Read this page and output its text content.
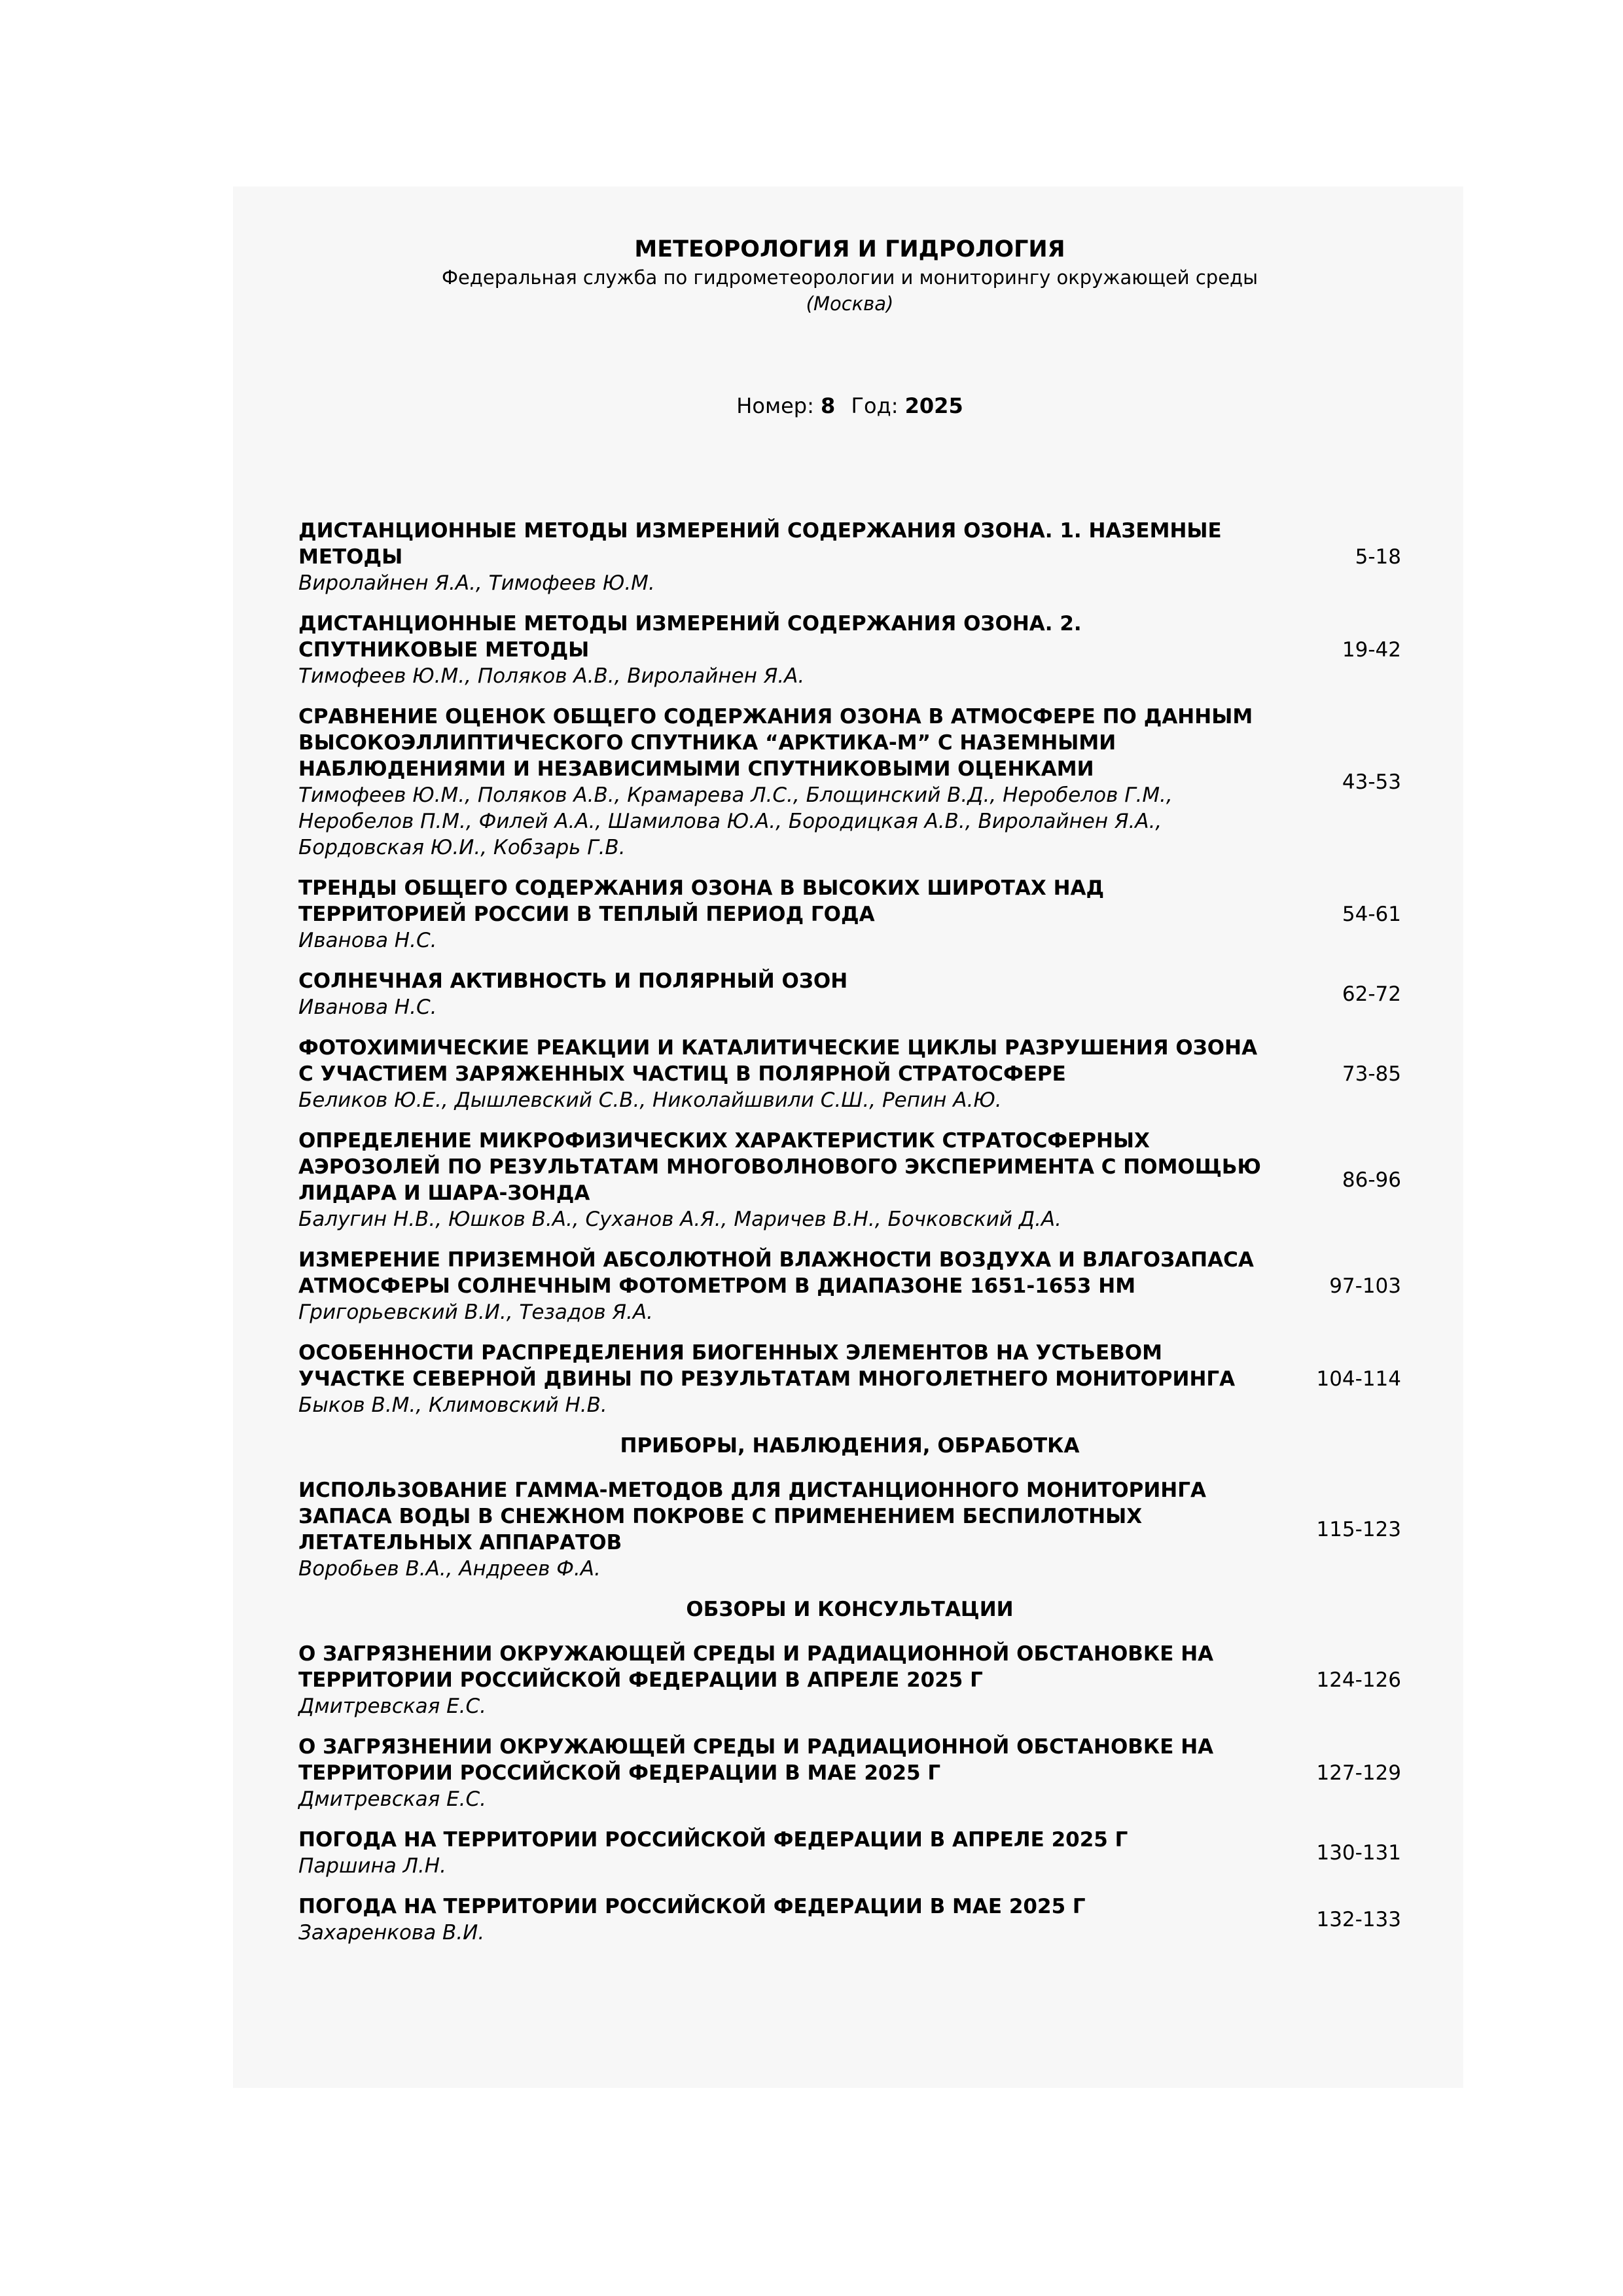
МЕТЕОРОЛОГИЯ И ГИДРОЛОГИЯ
Федеральная служба по гидрометеорологии и мониторингу окружающей среды
(Москва)
Номер: 8 Год: 2025
ДИСТАНЦИОННЫЕ МЕТОДЫ ИЗМЕРЕНИЙ СОДЕРЖАНИЯ ОЗОНА. 1. НАЗЕМНЫЕ МЕТОДЫ
Виролайнен Я.А., Тимофеев Ю.М.
5-18
ДИСТАНЦИОННЫЕ МЕТОДЫ ИЗМЕРЕНИЙ СОДЕРЖАНИЯ ОЗОНА. 2. СПУТНИКОВЫЕ МЕТОДЫ
Тимофеев Ю.М., Поляков А.В., Виролайнен Я.А.
19-42
СРАВНЕНИЕ ОЦЕНОК ОБЩЕГО СОДЕРЖАНИЯ ОЗОНА В АТМОСФЕРЕ ПО ДАННЫМ ВЫСОКОЭЛЛИПТИЧЕСКОГО СПУТНИКА “АРКТИКА-М” С НАЗЕМНЫМИ НАБЛЮДЕНИЯМИ И НЕЗАВИСИМЫМИ СПУТНИКОВЫМИ ОЦЕНКАМИ
Тимофеев Ю.М., Поляков А.В., Крамарева Л.С., Блощинский В.Д., Неробелов Г.М., Неробелов П.М., Филей А.А., Шамилова Ю.А., Бородицкая А.В., Виролайнен Я.А., Бордовская Ю.И., Кобзарь Г.В.
43-53
ТРЕНДЫ ОБЩЕГО СОДЕРЖАНИЯ ОЗОНА В ВЫСОКИХ ШИРОТАХ НАД ТЕРРИТОРИЕЙ РОССИИ В ТЕПЛЫЙ ПЕРИОД ГОДА
Иванова Н.С.
54-61
СОЛНЕЧНАЯ АКТИВНОСТЬ И ПОЛЯРНЫЙ ОЗОН
Иванова Н.С.
62-72
ФОТОХИМИЧЕСКИЕ РЕАКЦИИ И КАТАЛИТИЧЕСКИЕ ЦИКЛЫ РАЗРУШЕНИЯ ОЗОНА С УЧАСТИЕМ ЗАРЯЖЕННЫХ ЧАСТИЦ В ПОЛЯРНОЙ СТРАТОСФЕРЕ
Беликов Ю.Е., Дышлевский С.В., Николайшвили С.Ш., Репин А.Ю.
73-85
ОПРЕДЕЛЕНИЕ МИКРОФИЗИЧЕСКИХ ХАРАКТЕРИСТИК СТРАТОСФЕРНЫХ АЭРОЗОЛЕЙ ПО РЕЗУЛЬТАТАМ МНОГОВОЛНОВОГО ЭКСПЕРИМЕНТА С ПОМОЩЬЮ ЛИДАРА И ШАРА-ЗОНДА
Балугин Н.В., Юшков В.А., Суханов А.Я., Маричев В.Н., Бочковский Д.А.
86-96
ИЗМЕРЕНИЕ ПРИЗЕМНОЙ АБСОЛЮТНОЙ ВЛАЖНОСТИ ВОЗДУХА И ВЛАГОЗАПАСА АТМОСФЕРЫ СОЛНЕЧНЫМ ФОТОМЕТРОМ В ДИАПАЗОНЕ 1651-1653 НМ
Григорьевский В.И., Тезадов Я.А.
97-103
ОСОБЕННОСТИ РАСПРЕДЕЛЕНИЯ БИОГЕННЫХ ЭЛЕМЕНТОВ НА УСТЬЕВОМ УЧАСТКЕ СЕВЕРНОЙ ДВИНЫ ПО РЕЗУЛЬТАТАМ МНОГОЛЕТНЕГО МОНИТОРИНГА
Быков В.М., Климовский Н.В.
104-114
ПРИБОРЫ, НАБЛЮДЕНИЯ, ОБРАБОТКА
ИСПОЛЬЗОВАНИЕ ГАММА-МЕТОДОВ ДЛЯ ДИСТАНЦИОННОГО МОНИТОРИНГА ЗАПАСА ВОДЫ В СНЕЖНОМ ПОКРОВЕ С ПРИМЕНЕНИЕМ БЕСПИЛОТНЫХ ЛЕТАТЕЛЬНЫХ АППАРАТОВ
Воробьев В.А., Андреев Ф.А.
115-123
ОБЗОРЫ И КОНСУЛЬТАЦИИ
О ЗАГРЯЗНЕНИИ ОКРУЖАЮЩЕЙ СРЕДЫ И РАДИАЦИОННОЙ ОБСТАНОВКЕ НА ТЕРРИТОРИИ РОССИЙСКОЙ ФЕДЕРАЦИИ В АПРЕЛЕ 2025 Г
Дмитревская Е.С.
124-126
О ЗАГРЯЗНЕНИИ ОКРУЖАЮЩЕЙ СРЕДЫ И РАДИАЦИОННОЙ ОБСТАНОВКЕ НА ТЕРРИТОРИИ РОССИЙСКОЙ ФЕДЕРАЦИИ В МАЕ 2025 Г
Дмитревская Е.С.
127-129
ПОГОДА НА ТЕРРИТОРИИ РОССИЙСКОЙ ФЕДЕРАЦИИ В АПРЕЛЕ 2025 Г
Паршина Л.Н.
130-131
ПОГОДА НА ТЕРРИТОРИИ РОССИЙСКОЙ ФЕДЕРАЦИИ В МАЕ 2025 Г
Захаренкова В.И.
132-133
